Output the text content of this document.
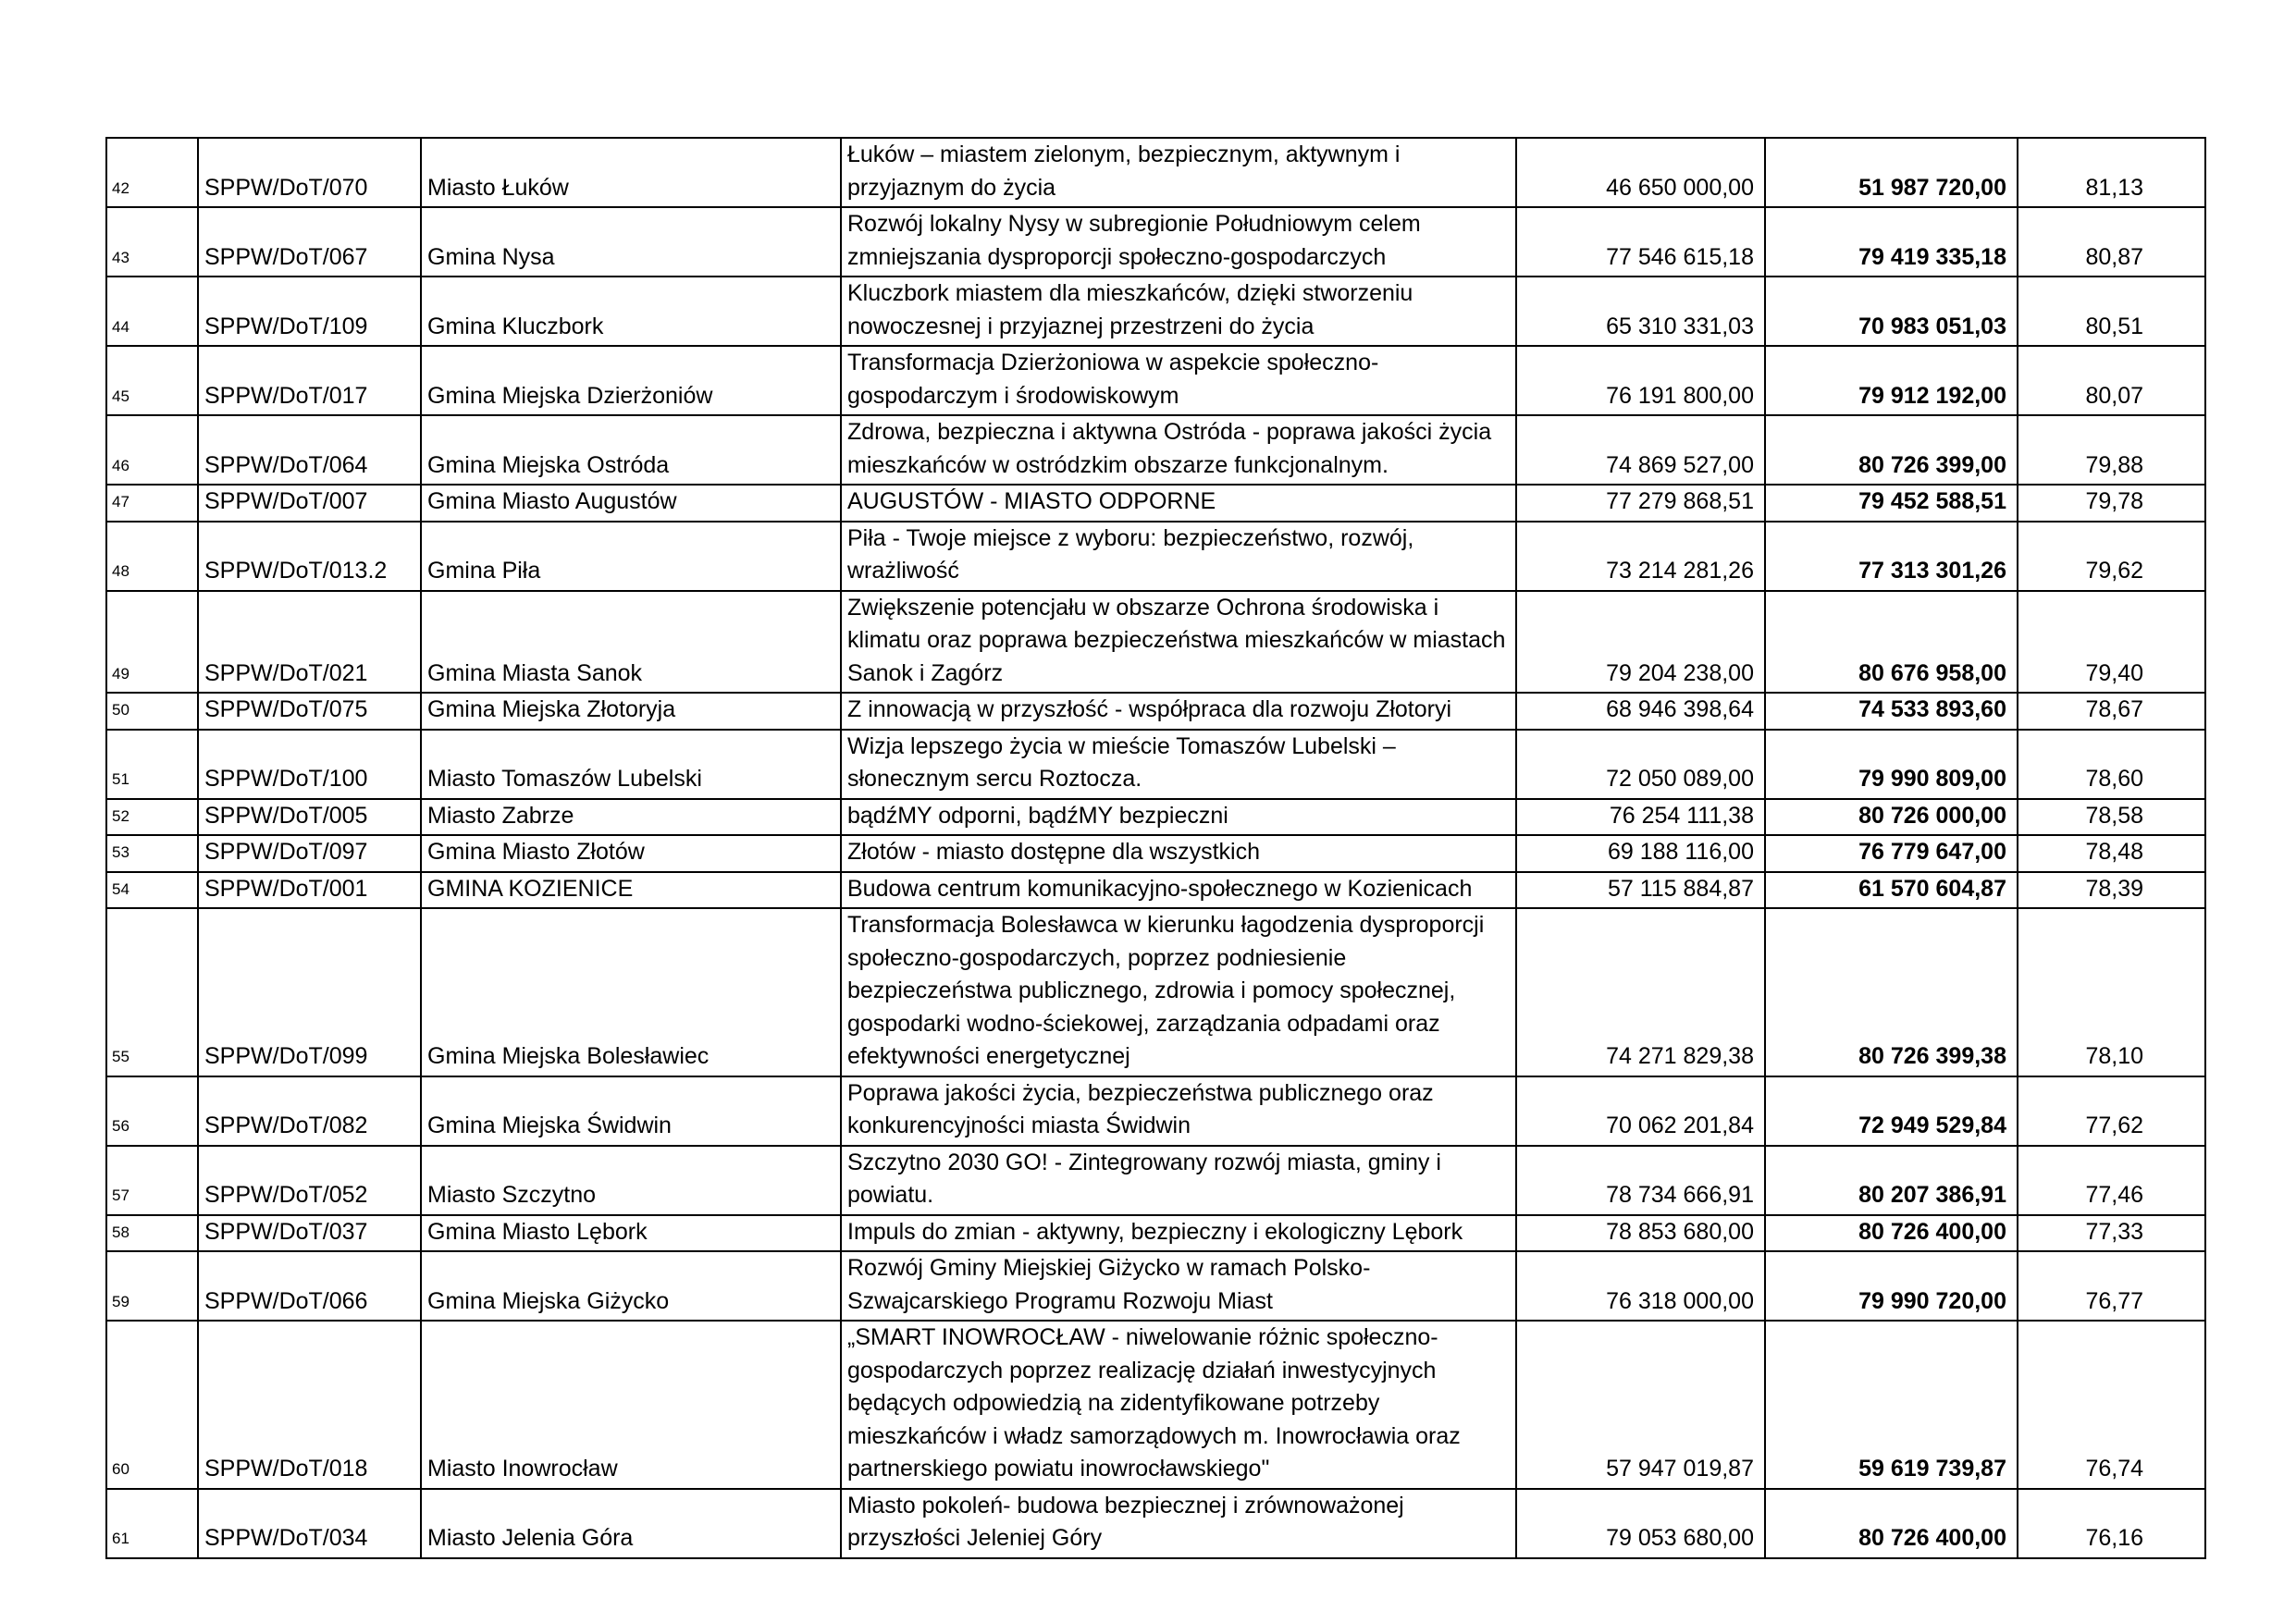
42	SPPW/DoT/070	Miasto Łuków	Łuków – miastem zielonym, bezpiecznym, aktywnym i przyjaznym do życia	46 650 000,00	51 987 720,00	81,13
43	SPPW/DoT/067	Gmina Nysa	Rozwój lokalny Nysy w subregionie Południowym celem zmniejszania dysproporcji społeczno-gospodarczych	77 546 615,18	79 419 335,18	80,87
44	SPPW/DoT/109	Gmina Kluczbork	Kluczbork miastem dla mieszkańców, dzięki stworzeniu nowoczesnej i przyjaznej przestrzeni do życia	65 310 331,03	70 983 051,03	80,51
45	SPPW/DoT/017	Gmina Miejska Dzierżoniów	Transformacja Dzierżoniowa w aspekcie społeczno-gospodarczym i środowiskowym	76 191 800,00	79 912 192,00	80,07
46	SPPW/DoT/064	Gmina Miejska Ostróda	Zdrowa, bezpieczna i aktywna Ostróda - poprawa jakości życia mieszkańców w ostródzkim obszarze funkcjonalnym.	74 869 527,00	80 726 399,00	79,88
47	SPPW/DoT/007	Gmina Miasto Augustów	AUGUSTÓW - MIASTO ODPORNE	77 279 868,51	79 452 588,51	79,78
48	SPPW/DoT/013.2	Gmina Piła	Piła - Twoje miejsce z wyboru: bezpieczeństwo, rozwój, wrażliwość	73 214 281,26	77 313 301,26	79,62
49	SPPW/DoT/021	Gmina Miasta Sanok	Zwiększenie potencjału w obszarze Ochrona środowiska i klimatu oraz poprawa bezpieczeństwa mieszkańców w miastach Sanok i Zagórz	79 204 238,00	80 676 958,00	79,40
50	SPPW/DoT/075	Gmina Miejska Złotoryja	Z innowacją w przyszłość - współpraca dla rozwoju Złotoryi	68 946 398,64	74 533 893,60	78,67
51	SPPW/DoT/100	Miasto Tomaszów Lubelski	Wizja lepszego życia w mieście Tomaszów Lubelski – słonecznym sercu Roztocza.	72 050 089,00	79 990 809,00	78,60
52	SPPW/DoT/005	Miasto Zabrze	bądźMY odporni, bądźMY bezpieczni	76 254 111,38	80 726 000,00	78,58
53	SPPW/DoT/097	Gmina Miasto Złotów	Złotów - miasto dostępne dla wszystkich	69 188 116,00	76 779 647,00	78,48
54	SPPW/DoT/001	GMINA KOZIENICE	Budowa centrum komunikacyjno-społecznego w Kozienicach	57 115 884,87	61 570 604,87	78,39
55	SPPW/DoT/099	Gmina Miejska Bolesławiec	Transformacja Bolesławca w kierunku łagodzenia dysproporcji społeczno-gospodarczych, poprzez podniesienie bezpieczeństwa publicznego, zdrowia i pomocy społecznej, gospodarki wodno-ściekowej, zarządzania odpadami oraz efektywności energetycznej	74 271 829,38	80 726 399,38	78,10
56	SPPW/DoT/082	Gmina Miejska Świdwin	Poprawa jakości życia, bezpieczeństwa publicznego oraz konkurencyjności miasta Świdwin	70 062 201,84	72 949 529,84	77,62
57	SPPW/DoT/052	Miasto Szczytno	Szczytno 2030 GO! - Zintegrowany rozwój miasta, gminy i powiatu.	78 734 666,91	80 207 386,91	77,46
58	SPPW/DoT/037	Gmina Miasto Lębork	Impuls do zmian - aktywny, bezpieczny i ekologiczny Lębork	78 853 680,00	80 726 400,00	77,33
59	SPPW/DoT/066	Gmina Miejska Giżycko	Rozwój Gminy Miejskiej Giżycko w ramach Polsko-Szwajcarskiego Programu Rozwoju Miast	76 318 000,00	79 990 720,00	76,77
60	SPPW/DoT/018	Miasto Inowrocław	„SMART INOWROCŁAW - niwelowanie różnic społeczno-gospodarczych poprzez realizację działań inwestycyjnych będących odpowiedzią na zidentyfikowane potrzeby mieszkańców i władz samorządowych m. Inowrocławia oraz partnerskiego powiatu inowrocławskiego"	57 947 019,87	59 619 739,87	76,74
61	SPPW/DoT/034	Miasto Jelenia Góra	Miasto pokoleń- budowa bezpiecznej i zrównoważonej przyszłości Jeleniej Góry	79 053 680,00	80 726 400,00	76,16
